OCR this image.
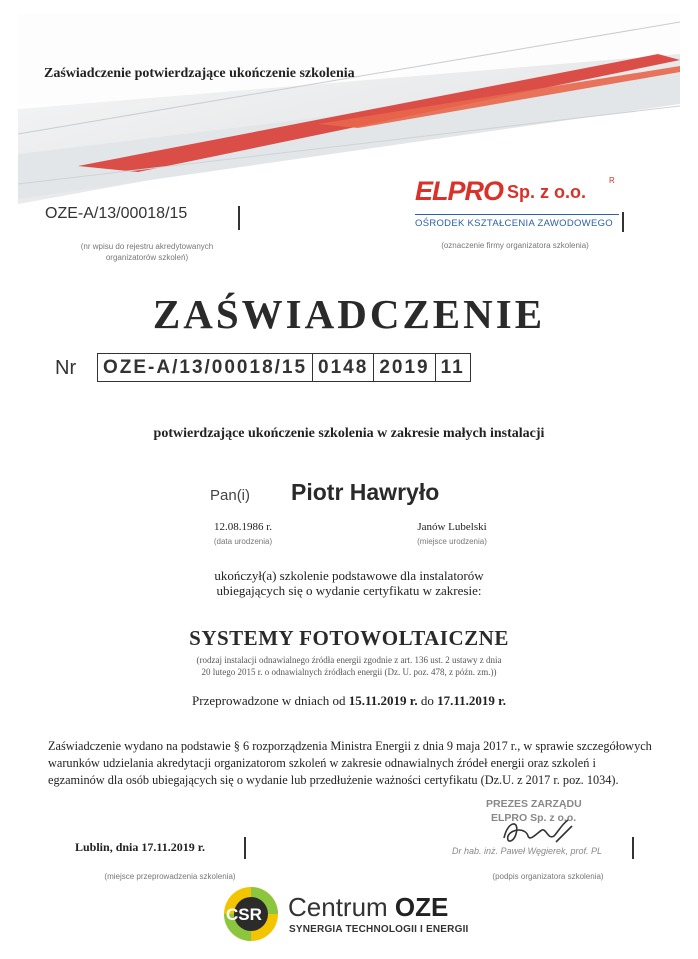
Zaświadczenie potwierdzające ukończenie szkolenia
OZE-A/13/00018/15
(nr wpisu do rejestru akredytowanych
organizatorów szkoleń)
ELPRO Sp. z o.o.
R
OŚRODEK KSZTAŁCENIA ZAWODOWEGO
(oznaczenie firmy organizatora szkolenia)
ZAŚWIADCZENIE
Nr OZE-A/13/00018/15 0148 2019 11
potwierdzające ukończenie szkolenia w zakresie małych instalacji
Pan(i) Piotr Hawryło
12.08.1986 r.
(data urodzenia)
Janów Lubelski
(miejsce urodzenia)
ukończył(a) szkolenie podstawowe dla instalatorów
ubiegających się o wydanie certyfikatu w zakresie:
SYSTEMY FOTOWOLTAICZNE
(rodzaj instalacji odnawialnego źródła energii zgodnie z art. 136 ust. 2 ustawy z dnia
20 lutego 2015 r. o odnawialnych źródłach energii (Dz. U. poz. 478, z późn. zm.))
Przeprowadzone w dniach od 15.11.2019 r. do 17.11.2019 r.
Zaświadczenie wydano na podstawie § 6 rozporządzenia Ministra Energii z dnia 9 maja 2017 r., w sprawie szczegółowych warunków udzielania akredytacji organizatorom szkoleń w zakresie odnawialnych źródeł energii oraz szkoleń i egzaminów dla osób ubiegających się o wydanie lub przedłużenie ważności certyfikatu (Dz.U. z 2017 r. poz. 1034).
PREZES ZARZĄDU
ELPRO Sp. z o.o.
Dr hab. inż. Paweł Węgierek, prof. PL
Lublin, dnia 17.11.2019 r.
(miejsce przeprowadzenia szkolenia)	(podpis organizatora szkolenia)
CSR Centrum OZE
SYNERGIA TECHNOLOGII I ENERGII
